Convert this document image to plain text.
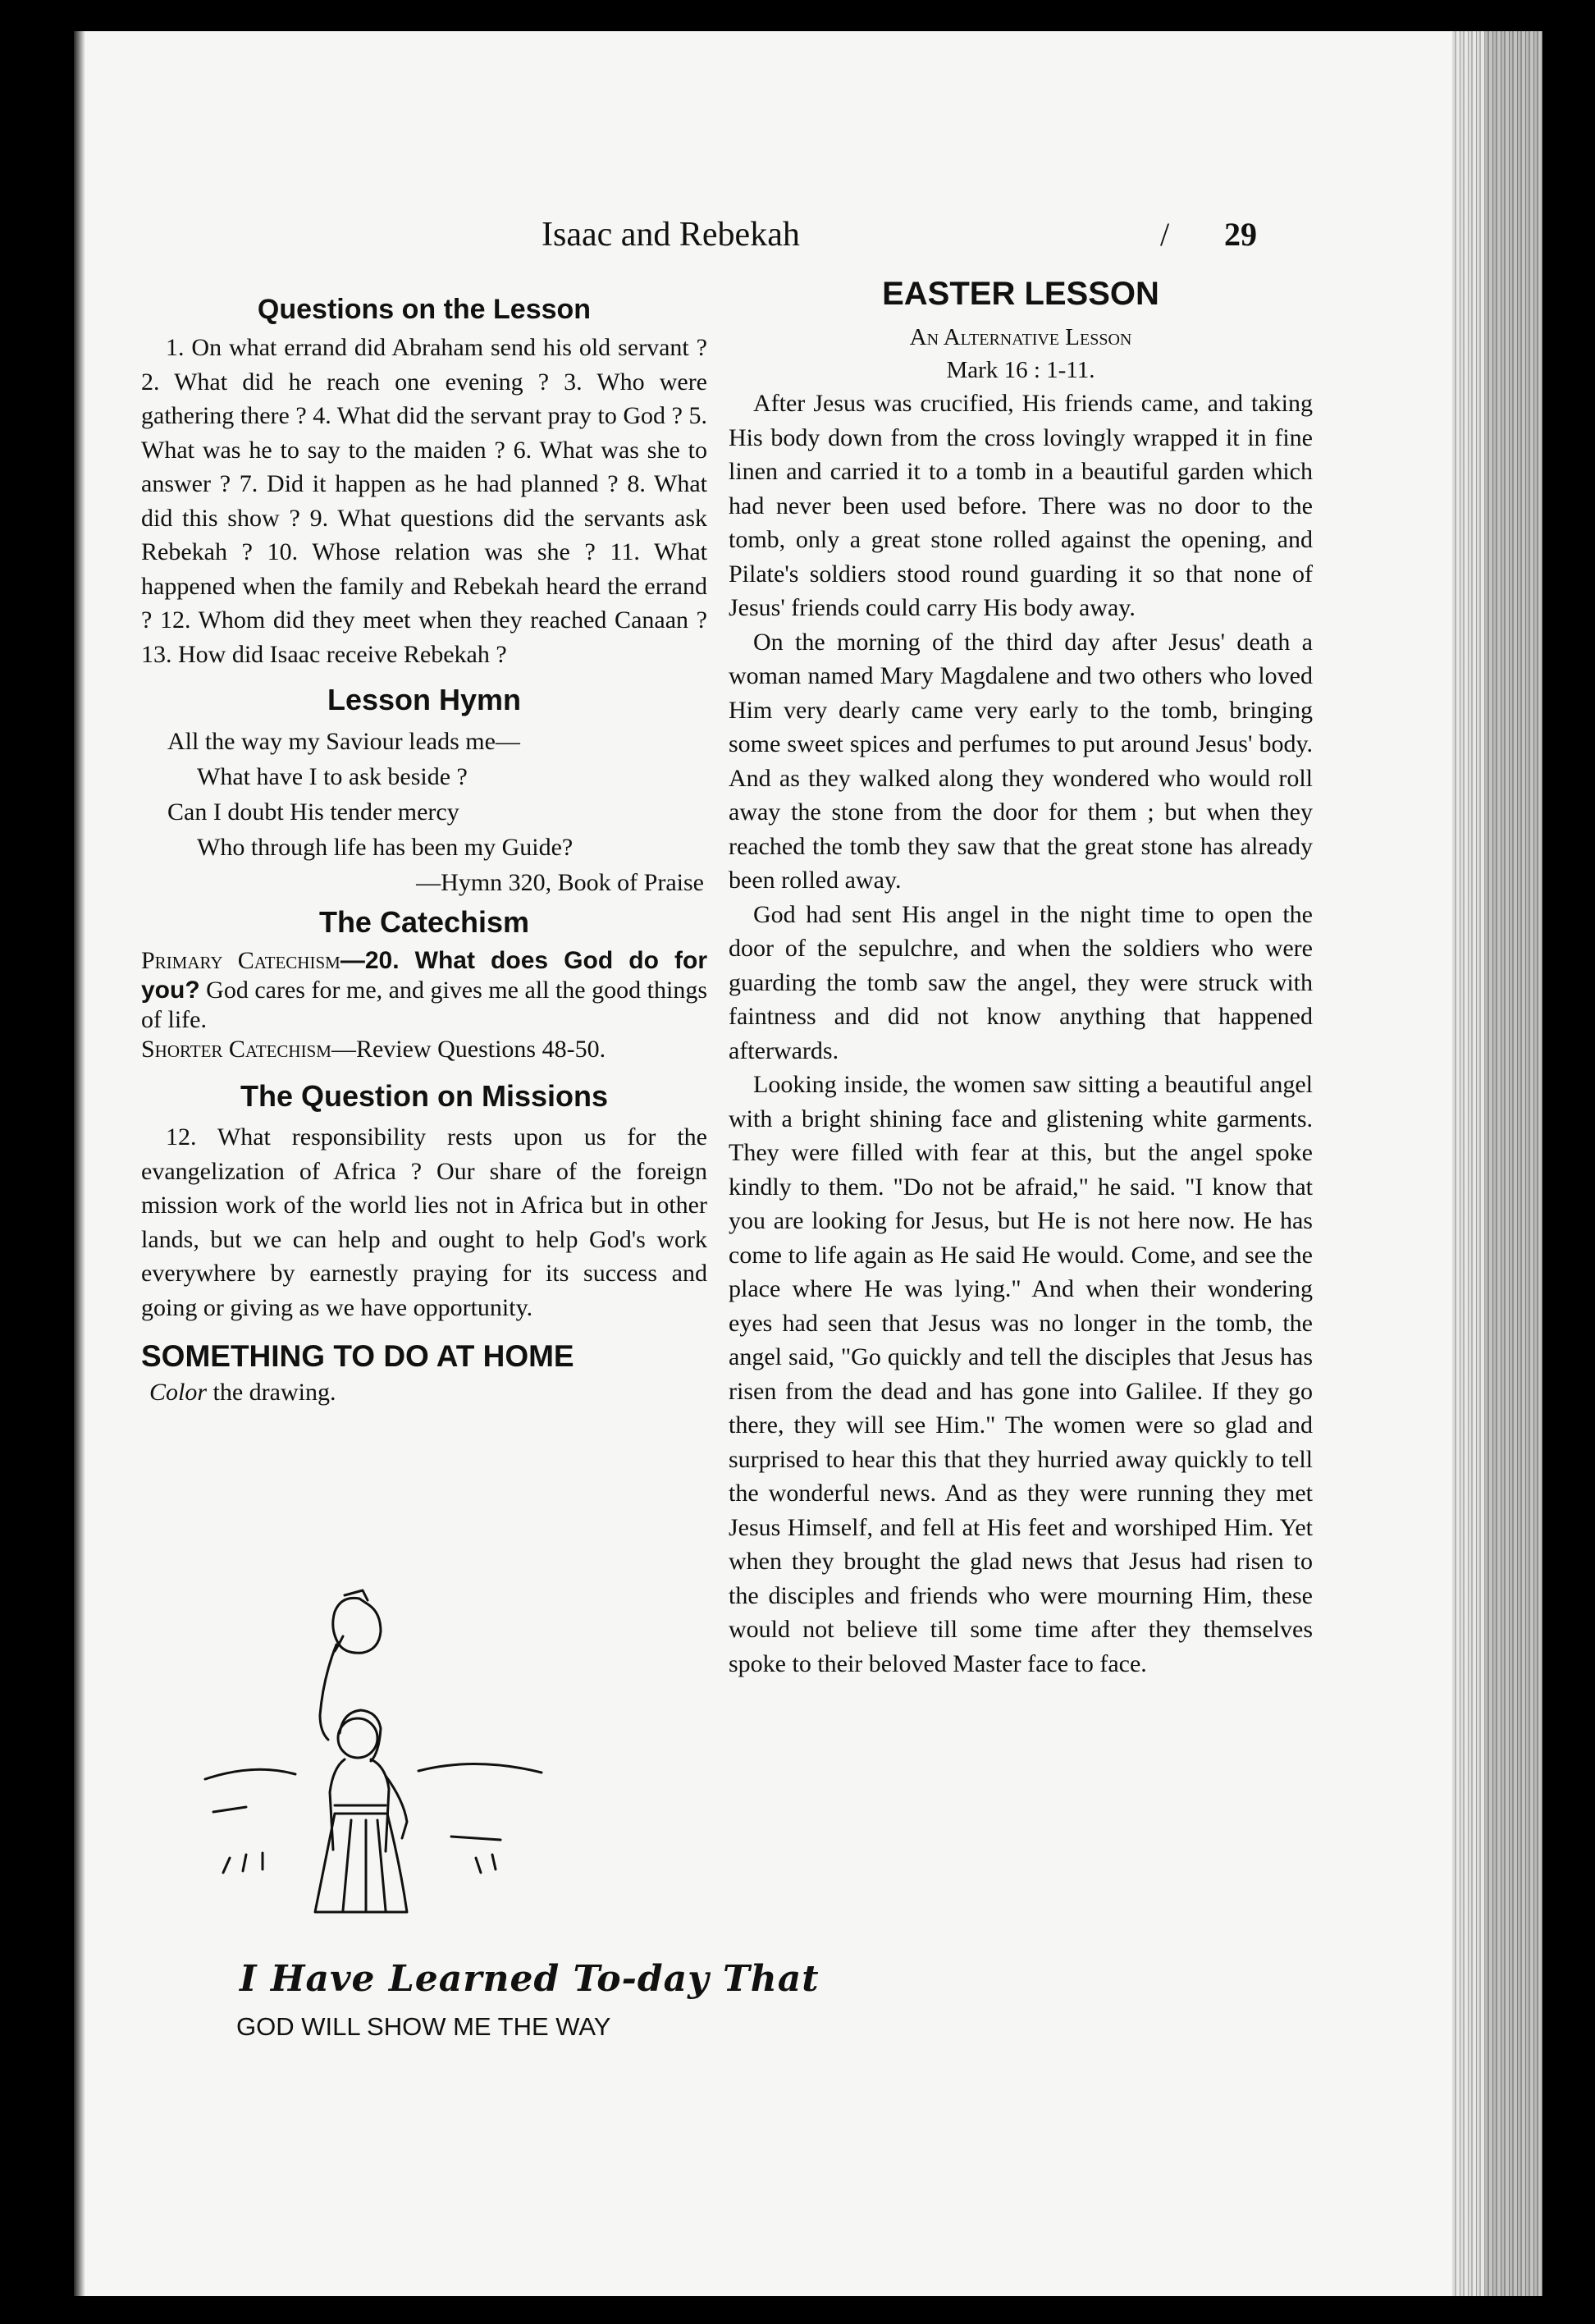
Isaac and Rebekah	/ 29
Questions on the Lesson

1. On what errand did Abraham send his old servant ? 2. What did he reach one evening ? 3. Who were gathering there ? 4. What did the servant pray to God ? 5. What was he to say to the maiden ? 6. What was she to answer ? 7. Did it happen as he had planned ? 8. What did this show ? 9. What questions did the servants ask Rebekah ? 10. Whose relation was she ? 11. What happened when the family and Rebekah heard the errand ? 12. Whom did they meet when they reached Canaan ? 13. How did Isaac receive Rebekah ?

Lesson Hymn
All the way my Saviour leads me—
What have I to ask beside ?
Can I doubt His tender mercy
Who through life has been my Guide?
—Hymn 320, Book of Praise
The Catechism

Primary Catechism—20. What does God do for you? God cares for me, and gives me all the good things of life.

Shorter Catechism—Review Questions 48-50.

The Question on Missions

12. What responsibility rests upon us for the evangelization of Africa ? Our share of the foreign mission work of the world lies not in Africa but in other lands, but we can help and ought to help God's work everywhere by earnestly praying for its success and going or giving as we have opportunity.

SOMETHING TO DO AT HOME
Color the drawing.
I Have Learned To-day That
GOD WILL SHOW ME THE WAY
EASTER LESSON
An Alternative Lesson
Mark 16 : 1-11.

After Jesus was crucified, His friends came, and taking His body down from the cross lovingly wrapped it in fine linen and carried it to a tomb in a beautiful garden which had never been used before. There was no door to the tomb, only a great stone rolled against the opening, and Pilate's soldiers stood round guarding it so that none of Jesus' friends could carry His body away.

On the morning of the third day after Jesus' death a woman named Mary Magdalene and two others who loved Him very dearly came very early to the tomb, bringing some sweet spices and perfumes to put around Jesus' body. And as they walked along they wondered who would roll away the stone from the door for them ; but when they reached the tomb they saw that the great stone has already been rolled away.

God had sent His angel in the night time to open the door of the sepulchre, and when the soldiers who were guarding the tomb saw the angel, they were struck with faintness and did not know anything that happened afterwards.

Looking inside, the women saw sitting a beautiful angel with a bright shining face and glistening white garments. They were filled with fear at this, but the angel spoke kindly to them. "Do not be afraid," he said. "I know that you are looking for Jesus, but He is not here now. He has come to life again as He said He would. Come, and see the place where He was lying." And when their wondering eyes had seen that Jesus was no longer in the tomb, the angel said, "Go quickly and tell the disciples that Jesus has risen from the dead and has gone into Galilee. If they go there, they will see Him." The women were so glad and surprised to hear this that they hurried away quickly to tell the wonderful news. And as they were running they met Jesus Himself, and fell at His feet and worshiped Him. Yet when they brought the glad news that Jesus had risen to the disciples and friends who were mourning Him, these would not believe till some time after they themselves spoke to their beloved Master face to face.
